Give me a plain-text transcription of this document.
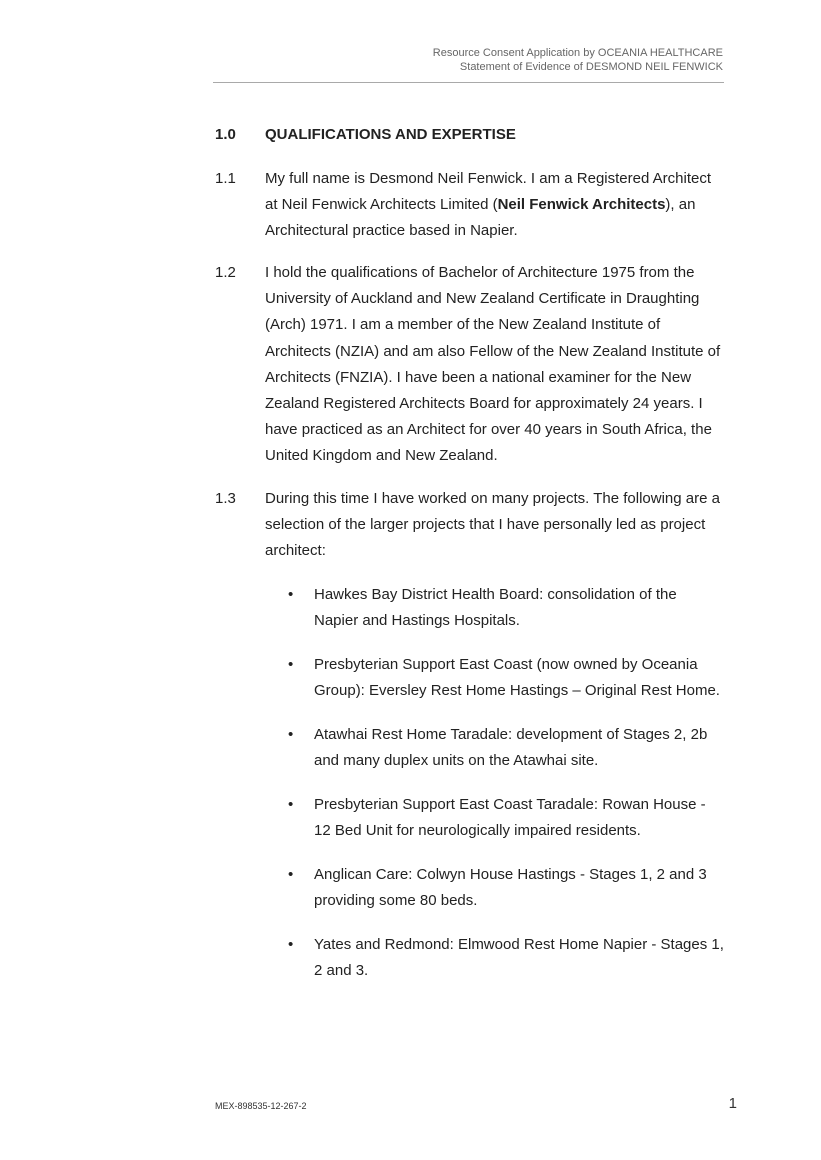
Resource Consent Application by OCEANIA HEALTHCARE
Statement of Evidence of DESMOND NEIL FENWICK
1.0 QUALIFICATIONS AND EXPERTISE
1.1 My full name is Desmond Neil Fenwick. I am a Registered Architect at Neil Fenwick Architects Limited (Neil Fenwick Architects), an Architectural practice based in Napier.
1.2 I hold the qualifications of Bachelor of Architecture 1975 from the University of Auckland and New Zealand Certificate in Draughting (Arch) 1971. I am a member of the New Zealand Institute of Architects (NZIA) and am also Fellow of the New Zealand Institute of Architects (FNZIA). I have been a national examiner for the New Zealand Registered Architects Board for approximately 24 years. I have practiced as an Architect for over 40 years in South Africa, the United Kingdom and New Zealand.
1.3 During this time I have worked on many projects. The following are a selection of the larger projects that I have personally led as project architect:
• Hawkes Bay District Health Board: consolidation of the Napier and Hastings Hospitals.
• Presbyterian Support East Coast (now owned by Oceania Group): Eversley Rest Home Hastings – Original Rest Home.
• Atawhai Rest Home Taradale: development of Stages 2, 2b and many duplex units on the Atawhai site.
• Presbyterian Support East Coast Taradale: Rowan House - 12 Bed Unit for neurologically impaired residents.
• Anglican Care: Colwyn House Hastings - Stages 1, 2 and 3 providing some 80 beds.
• Yates and Redmond: Elmwood Rest Home Napier - Stages 1, 2 and 3.
MEX-898535-12-267-2	1
